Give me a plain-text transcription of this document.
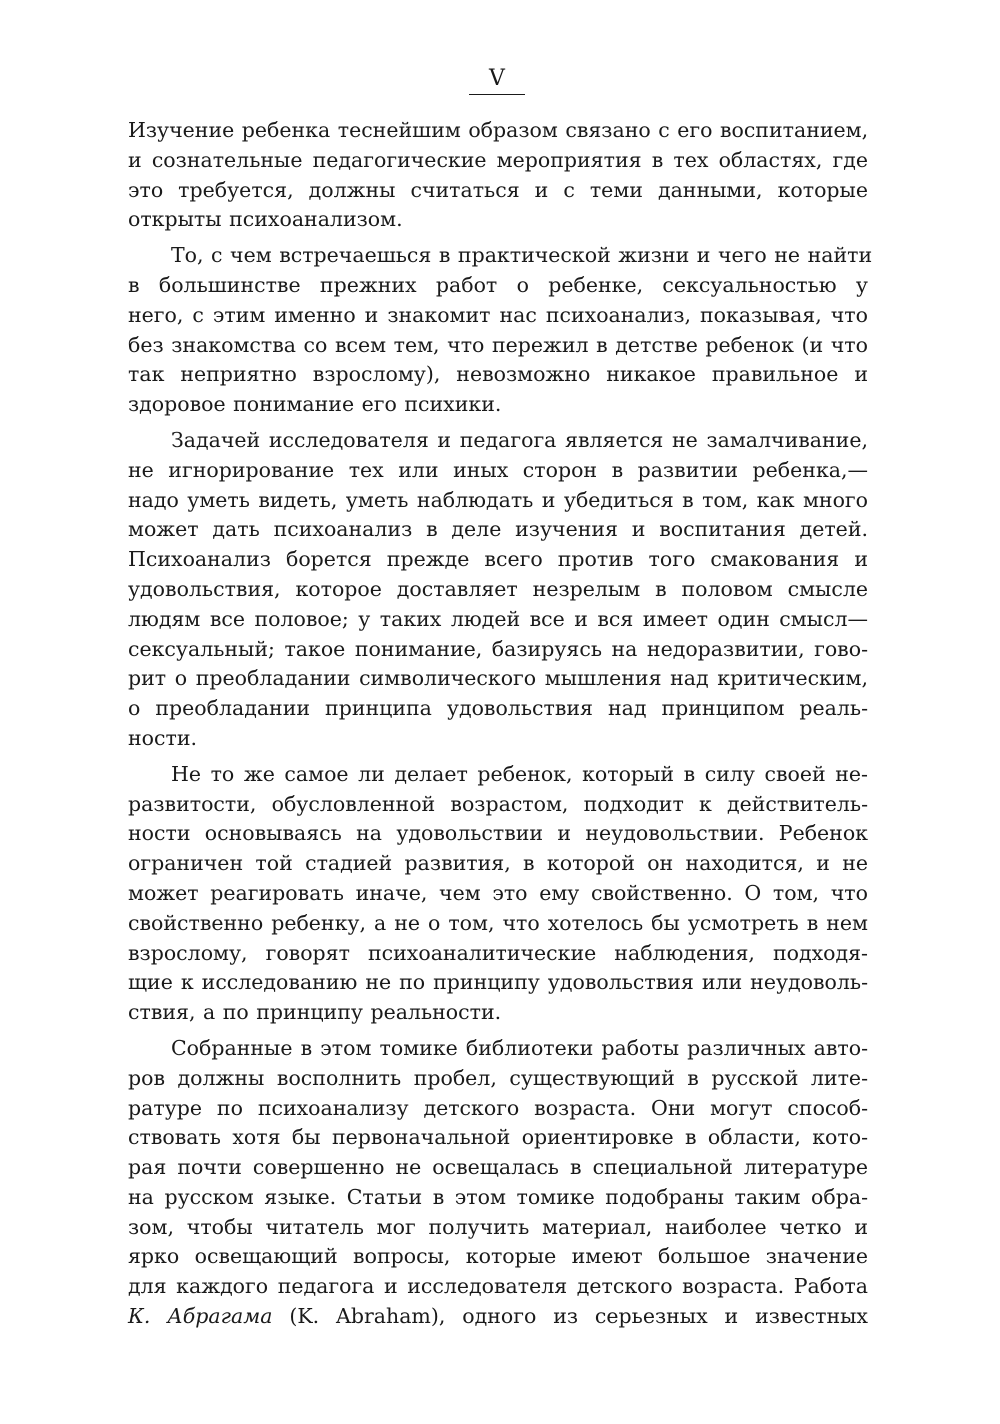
V
Изучение ребенка теснейшим образом связано с его воспитанием,
и сознательные педагогические мероприятия в тех областях, где
это требуется, должны считаться и с теми данными, которые
открыты психоанализом.
То, с чем встречаешься в практической жизни и чего не найти
в большинстве прежних работ о ребенке, сексуальностью у
него, с этим именно и знакомит нас психоанализ, показывая, что
без знакомства со всем тем, что пережил в детстве ребенок (и что
так неприятно взрослому), невозможно никакое правильное и
здоровое понимание его психики.
Задачей исследователя и педагога является не замалчивание,
не игнорирование тех или иных сторон в развитии ребенка,—
надо уметь видеть, уметь наблюдать и убедиться в том, как много
может дать психоанализ в деле изучения и воспитания детей.
Психоанализ борется прежде всего против того смакования и
удовольствия, которое доставляет незрелым в половом смысле
людям все половое; у таких людей все и вся имеет один смысл—
сексуальный; такое понимание, базируясь на недоразвитии, гово-
рит о преобладании символического мышления над критическим,
о преобладании принципа удовольствия над принципом реаль-
ности.
Не то же самое ли делает ребенок, который в силу своей не-
развитости, обусловленной возрастом, подходит к действитель-
ности основываясь на удовольствии и неудовольствии. Ребенок
ограничен той стадией развития, в которой он находится, и не
может реагировать иначе, чем это ему свойственно. О том, что
свойственно ребенку, а не о том, что хотелось бы усмотреть в нем
взрослому, говорят психоаналитические наблюдения, подходя-
щие к исследованию не по принципу удовольствия или неудоволь-
ствия, а по принципу реальности.
Собранные в этом томике библиотеки работы различных авто-
ров должны восполнить пробел, существующий в русской лите-
ратуре по психоанализу детского возраста. Они могут способ-
ствовать хотя бы первоначальной ориентировке в области, кото-
рая почти совершенно не освещалась в специальной литературе
на русском языке. Статьи в этом томике подобраны таким обра-
зом, чтобы читатель мог получить материал, наиболее четко и
ярко освещающий вопросы, которые имеют большое значение
для каждого педагога и исследователя детского возраста. Работа
К. Абрагама (K. Abraham), одного из серьезных и известных
